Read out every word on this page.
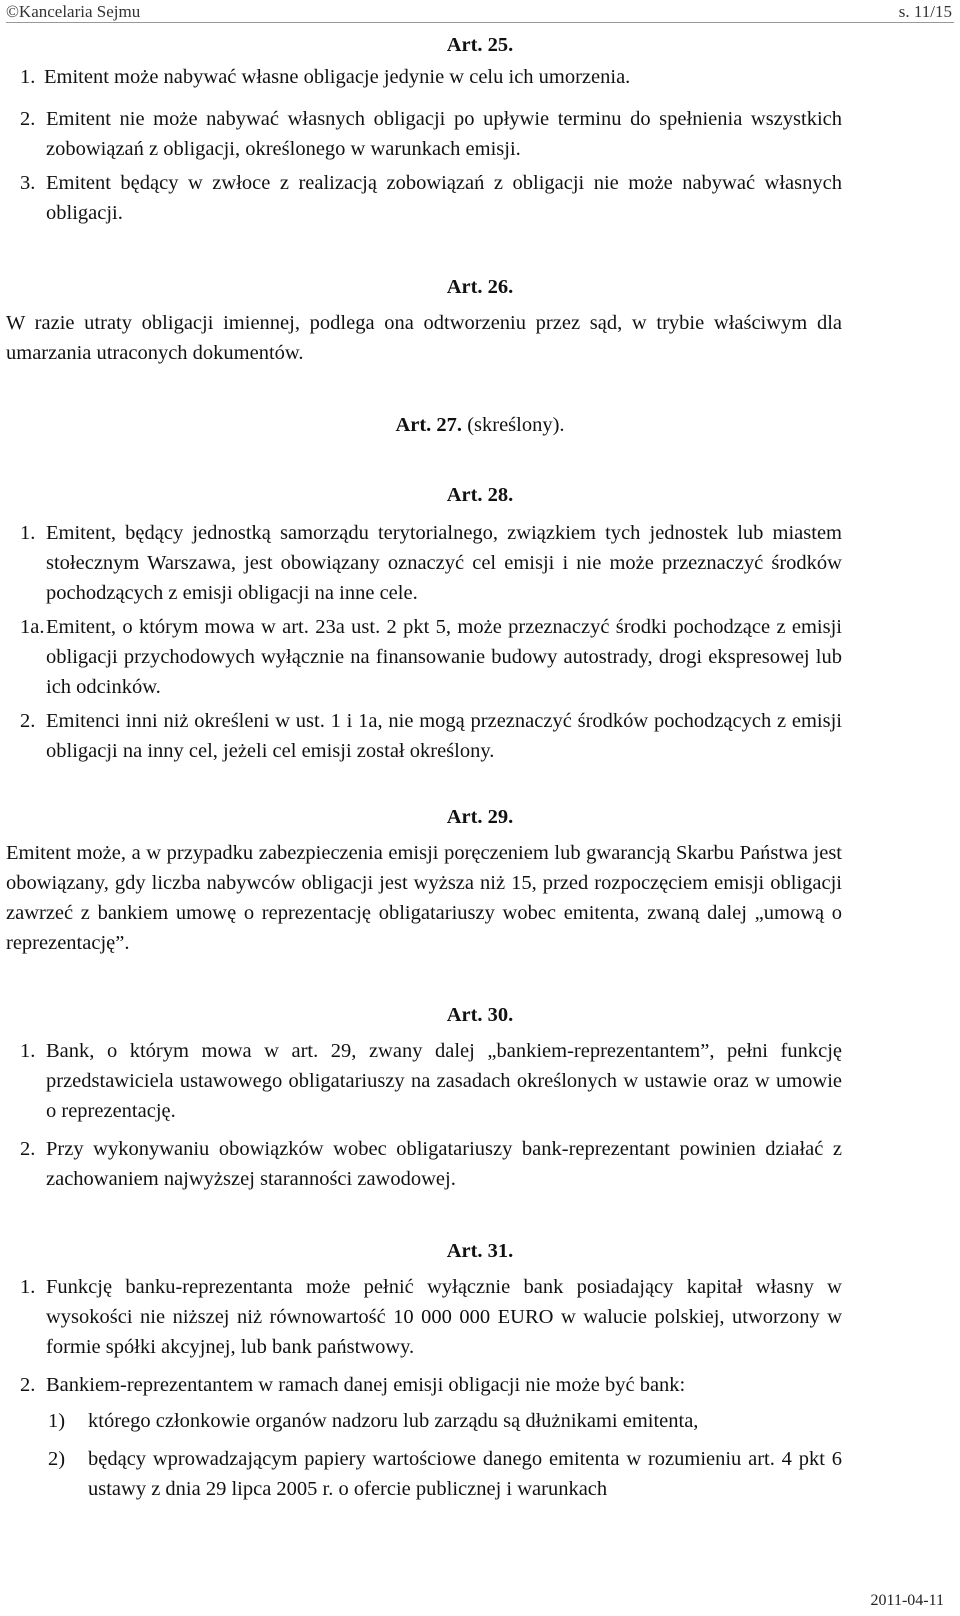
©Kancelaria Sejmu	s. 11/15
Art. 25.
1. Emitent może nabywać własne obligacje jedynie w celu ich umorzenia.
2. Emitent nie może nabywać własnych obligacji po upływie terminu do spełnienia wszystkich zobowiązań z obligacji, określonego w warunkach emisji.
3. Emitent będący w zwłoce z realizacją zobowiązań z obligacji nie może nabywać własnych obligacji.
Art. 26.
W razie utraty obligacji imiennej, podlega ona odtworzeniu przez sąd, w trybie właściwym dla umarzania utraconych dokumentów.
Art. 27. (skreślony).
Art. 28.
1. Emitent, będący jednostką samorządu terytorialnego, związkiem tych jednostek lub miastem stołecznym Warszawa, jest obowiązany oznaczyć cel emisji i nie może przeznaczyć środków pochodzących z emisji obligacji na inne cele.
1a. Emitent, o którym mowa w art. 23a ust. 2 pkt 5, może przeznaczyć środki pochodzące z emisji obligacji przychodowych wyłącznie na finansowanie budowy autostrady, drogi ekspresowej lub ich odcinków.
2. Emitenci inni niż określeni w ust. 1 i 1a, nie mogą przeznaczyć środków pochodzących z emisji obligacji na inny cel, jeżeli cel emisji został określony.
Art. 29.
Emitent może, a w przypadku zabezpieczenia emisji poręczeniem lub gwarancją Skarbu Państwa jest obowiązany, gdy liczba nabywców obligacji jest wyższa niż 15, przed rozpoczęciem emisji obligacji zawrzeć z bankiem umowę o reprezentację obligatariuszy wobec emitenta, zwaną dalej „umową o reprezentację”.
Art. 30.
1. Bank, o którym mowa w art. 29, zwany dalej „bankiem-reprezentantem”, pełni funkcję przedstawiciela ustawowego obligatariuszy na zasadach określonych w ustawie oraz w umowie o reprezentację.
2. Przy wykonywaniu obowiązków wobec obligatariuszy bank-reprezentant powinien działać z zachowaniem najwyższej staranności zawodowej.
Art. 31.
1. Funkcję banku-reprezentanta może pełnić wyłącznie bank posiadający kapitał własny w wysokości nie niższej niż równowartość 10 000 000 EURO w walucie polskiej, utworzony w formie spółki akcyjnej, lub bank państwowy.
2. Bankiem-reprezentantem w ramach danej emisji obligacji nie może być bank:
1)	którego członkowie organów nadzoru lub zarządu są dłużnikami emitenta,
2)	będący wprowadzającym papiery wartościowe danego emitenta w rozumieniu art. 4 pkt 6 ustawy z dnia 29 lipca 2005 r. o ofercie publicznej i warunkach
2011-04-11
